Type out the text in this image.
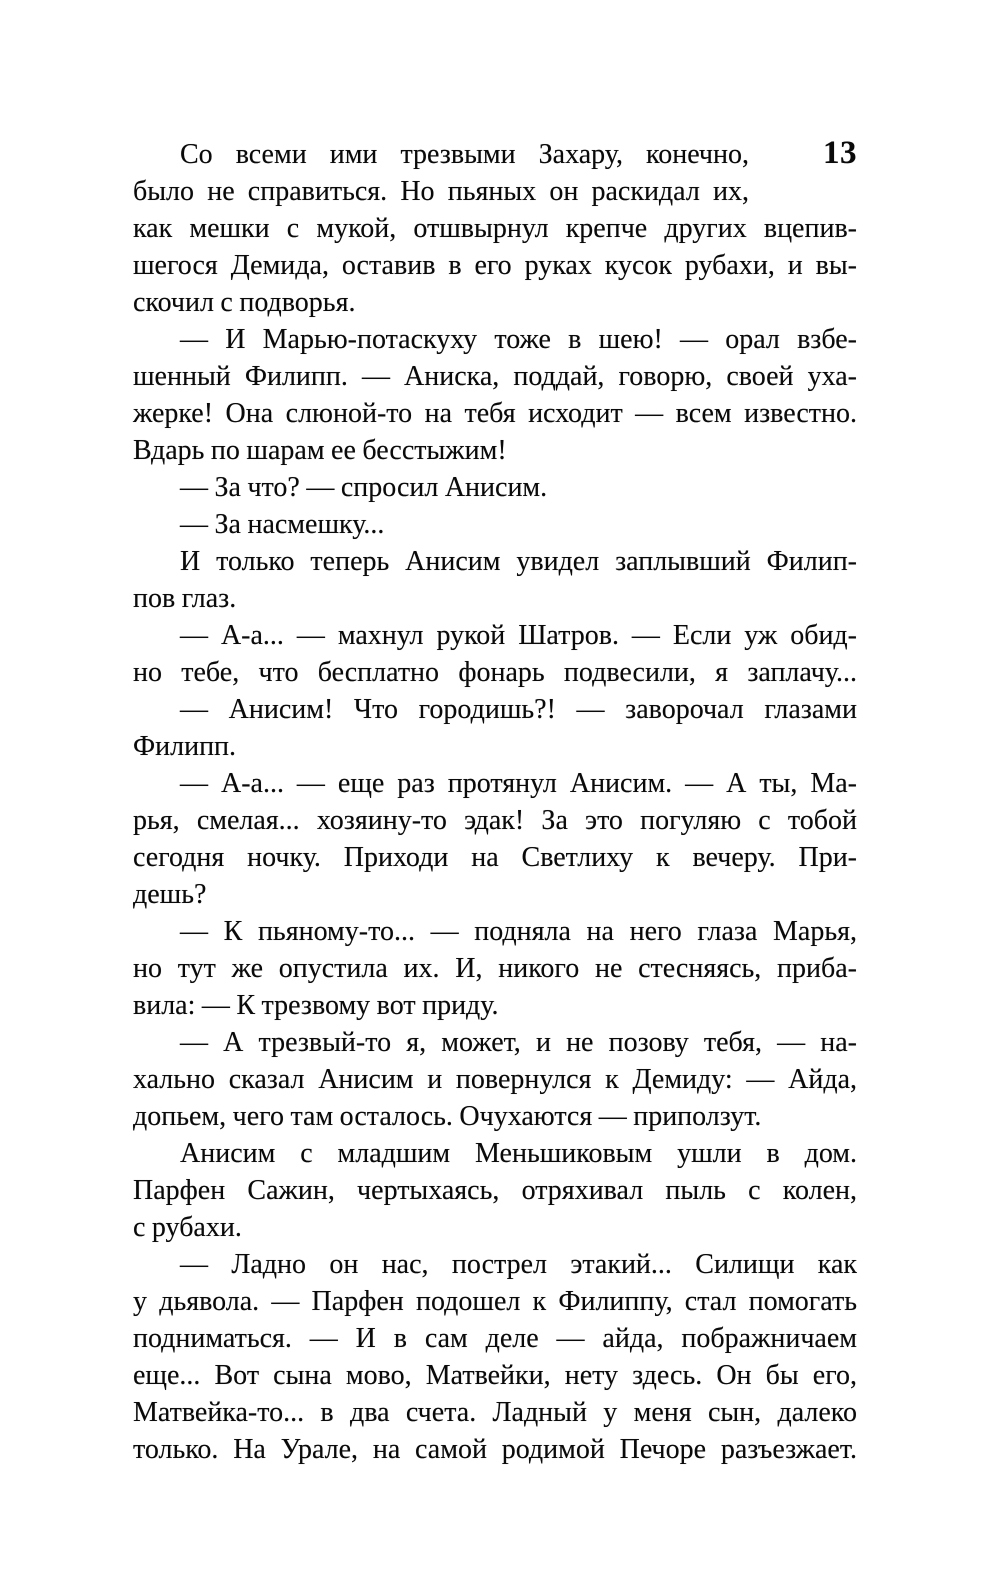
13
Со всеми ими трезвыми Захару, конечно,
было не справиться. Но пьяных он раскидал их,
как мешки с мукой, отшвырнул крепче других вцепив-
шегося Демида, оставив в его руках кусок рубахи, и вы-
скочил с подворья.
— И Марью-потаскуху тоже в шею! — орал взбе-
шенный Филипп. — Аниска, поддай, говорю, своей уха-
жерке! Она слюной-то на тебя исходит — всем известно.
Вдарь по шарам ее бесстыжим!
— За что? — спросил Анисим.
— За насмешку...
И только теперь Анисим увидел заплывший Филип-
пов глаз.
— А-а... — махнул рукой Шатров. — Если уж обид-
но тебе, что бесплатно фонарь подвесили, я заплачу...
— Анисим! Что городишь?! — заворочал глазами
Филипп.
— А-а... — еще раз протянул Анисим. — А ты, Ма-
рья, смелая... хозяину-то эдак! За это погуляю с тобой
сегодня ночку. Приходи на Светлиху к вечеру. При-
дешь?
— К пьяному-то... — подняла на него глаза Марья,
но тут же опустила их. И, никого не стесняясь, приба-
вила: — К трезвому вот приду.
— А трезвый-то я, может, и не позову тебя, — на-
хально сказал Анисим и повернулся к Демиду: — Айда,
допьем, чего там осталось. Очухаются — приползут.
Анисим с младшим Меньшиковым ушли в дом.
Парфен Сажин, чертыхаясь, отряхивал пыль с колен,
с рубахи.
— Ладно он нас, пострел этакий... Силищи как
у дьявола. — Парфен подошел к Филиппу, стал помогать
подниматься. — И в сам деле — айда, пображничаем
еще... Вот сына мово, Матвейки, нету здесь. Он бы его,
Матвейка-то... в два счета. Ладный у меня сын, далеко
только. На Урале, на самой родимой Печоре разъезжает.
